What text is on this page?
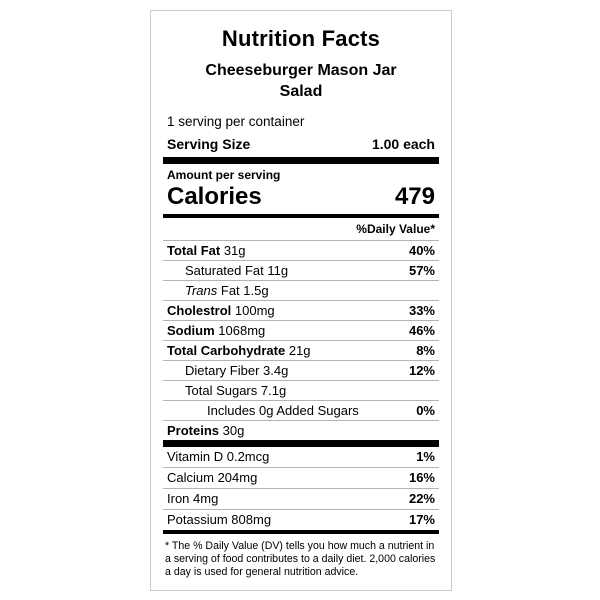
Nutrition Facts
Cheeseburger Mason Jar Salad
1 serving per container
Serving Size	1.00 each
Amount per serving
Calories	479
%Daily Value*
Total Fat 31g	40%
Saturated Fat 11g	57%
Trans Fat 1.5g
Cholestrol 100mg	33%
Sodium 1068mg	46%
Total Carbohydrate 21g	8%
Dietary Fiber 3.4g	12%
Total Sugars 7.1g
Includes 0g Added Sugars	0%
Proteins 30g
Vitamin D 0.2mcg	1%
Calcium 204mg	16%
Iron 4mg	22%
Potassium 808mg	17%
* The % Daily Value (DV) tells you how much a nutrient in a serving of food contributes to a daily diet. 2,000 calories a day is used for general nutrition advice.
